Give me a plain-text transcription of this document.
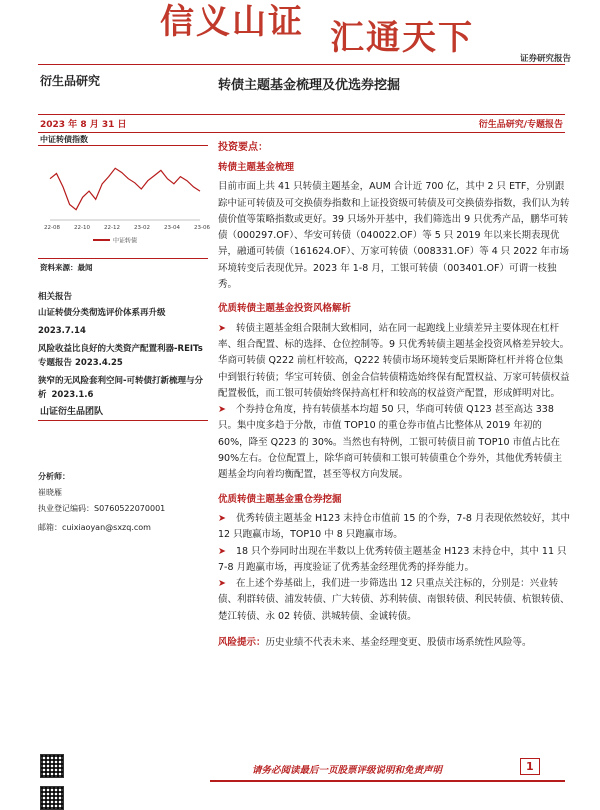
信义山证 汇通天下
证券研究报告
衍生品研究	转债主题基金梳理及优选券挖掘
2023 年 8 月 31 日	衍生品研究/专题报告
中证转债指数
22-08	22-10	22-12	23-02	23-04	23-06
中证转债
资料来源：最闻
相关报告
山证转债分类彻选评价体系再升级
2023.7.14
风险收益比良好的大类资产配置利器-REITs 专题报告 2023.4.25
狭窄的无风险套利空间-可转债打新梳理与分析 2023.1.6
山证衍生品团队
分析师：
崔晓雁
执业登记编码：S0760522070001
邮箱：cuixiaoyan@sxzq.com
投资要点：
转债主题基金梳理

目前市面上共 41 只转债主题基金，AUM 合计近 700 亿，其中 2 只 ETF，分别跟踪中证可转债及可交换债券指数和上证投资级可转债及可交换债券指数，我们认为转债价值等策略指数或更好。39 只场外开基中，我们筛选出 9 只优秀产品，鹏华可转债（000297.OF）、华安可转债（040022.OF）等 5 只 2019 年以来长期表现优异，融通可转债（161624.OF）、万家可转债（008331.OF）等 4 只 2022 年市场环境转变后表现优异。2023 年 1-8 月，工银可转债（003401.OF）可谓一枝独秀。

优质转债主题基金投资风格解析

➤ 转债主题基金组合限制大致相同，站在同一起跑线上业绩差异主要体现在杠杆率、组合配置、标的选择、仓位控制等。9 只优秀转债主题基金投资风格差异较大。华商可转债 Q222 前杠杆较高，Q222 转债市场环境转变后果断降杠杆并将仓位集中到银行转债；华宝可转债、创金合信转债精选始终保有配置权益、万家可转债权益配置极低，而工银可转债始终保持高杠杆和较高的权益资产配置，形成鲜明对比。

➤ 个券持仓角度，持有转债基本均超 50 只，华商可转债 Q123 甚至高达 338 只。集中度多趋于分散，市值 TOP10 的重仓券市值占比整体从 2019 年初的 60%，降至 Q223 的 30%。当然也有特例，工银可转债目前 TOP10 市值占比在 90%左右。仓位配置上，除华商可转债和工银可转债重仓个券外，其他优秀转债主题基金均向着均衡配置，甚至等权方向发展。

优质转债主题基金重仓券挖掘

➤ 优秀转债主题基金 H123 末持仓市值前 15 的个券，7-8 月表现依然较好，其中 12 只跑赢市场，TOP10 中 8 只跑赢市场。

➤ 18 只个券同时出现在半数以上优秀转债主题基金 H123 末持仓中，其中 11 只 7-8 月跑赢市场，再度验证了优秀基金经理优秀的择券能力。

➤ 在上述个券基础上，我们进一步筛选出 12 只重点关注标的，分别是：兴业转债、利群转债、浦发转债、广大转债、苏利转债、南银转债、利民转债、杭银转债、楚江转债、永 02 转债、洪城转债、金诚转债。

风险提示：历史业绩不代表未来、基金经理变更、股债市场系统性风险等。

请务必阅读最后一页股票评级说明和免责声明	1
